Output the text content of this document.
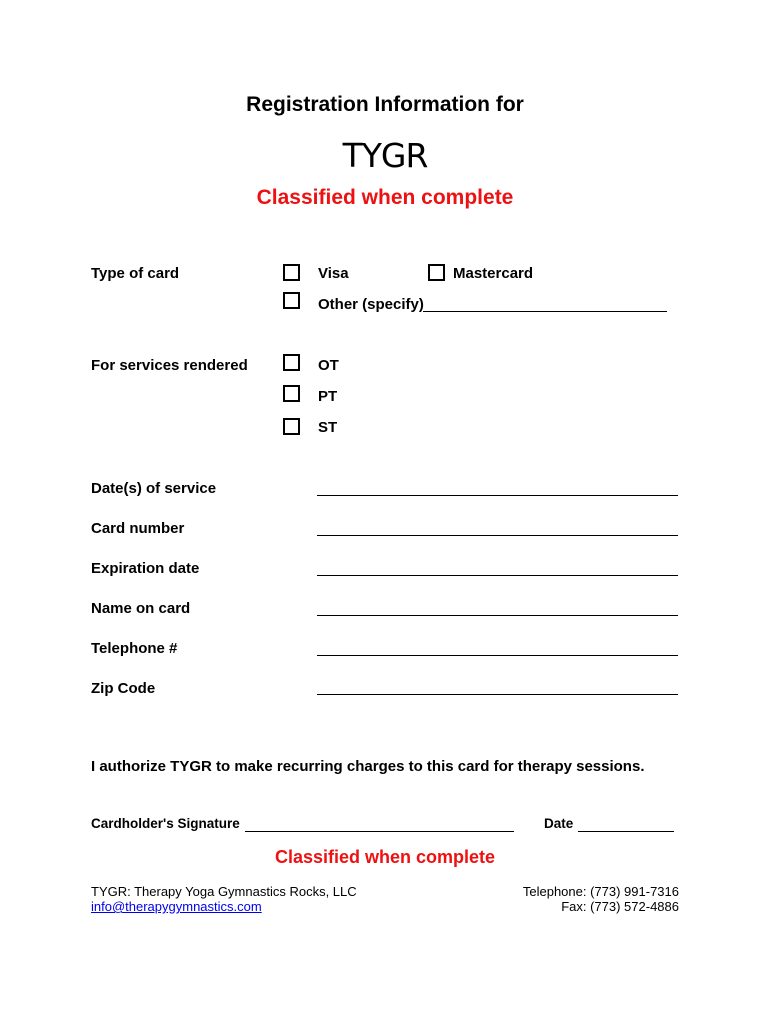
Registration Information for
TYGR
Classified when complete
Type of card	Visa	Mastercard
Other (specify)
For services rendered	OT
PT
ST
Date(s) of service
Card number
Expiration date
Name on card
Telephone #
Zip Code
I authorize TYGR to make recurring charges to this card for therapy sessions.
Cardholder's Signature	Date
Classified when complete
TYGR: Therapy Yoga Gymnastics Rocks, LLC
info@therapygymnastics.com
Telephone: (773) 991-7316
Fax: (773) 572-4886
